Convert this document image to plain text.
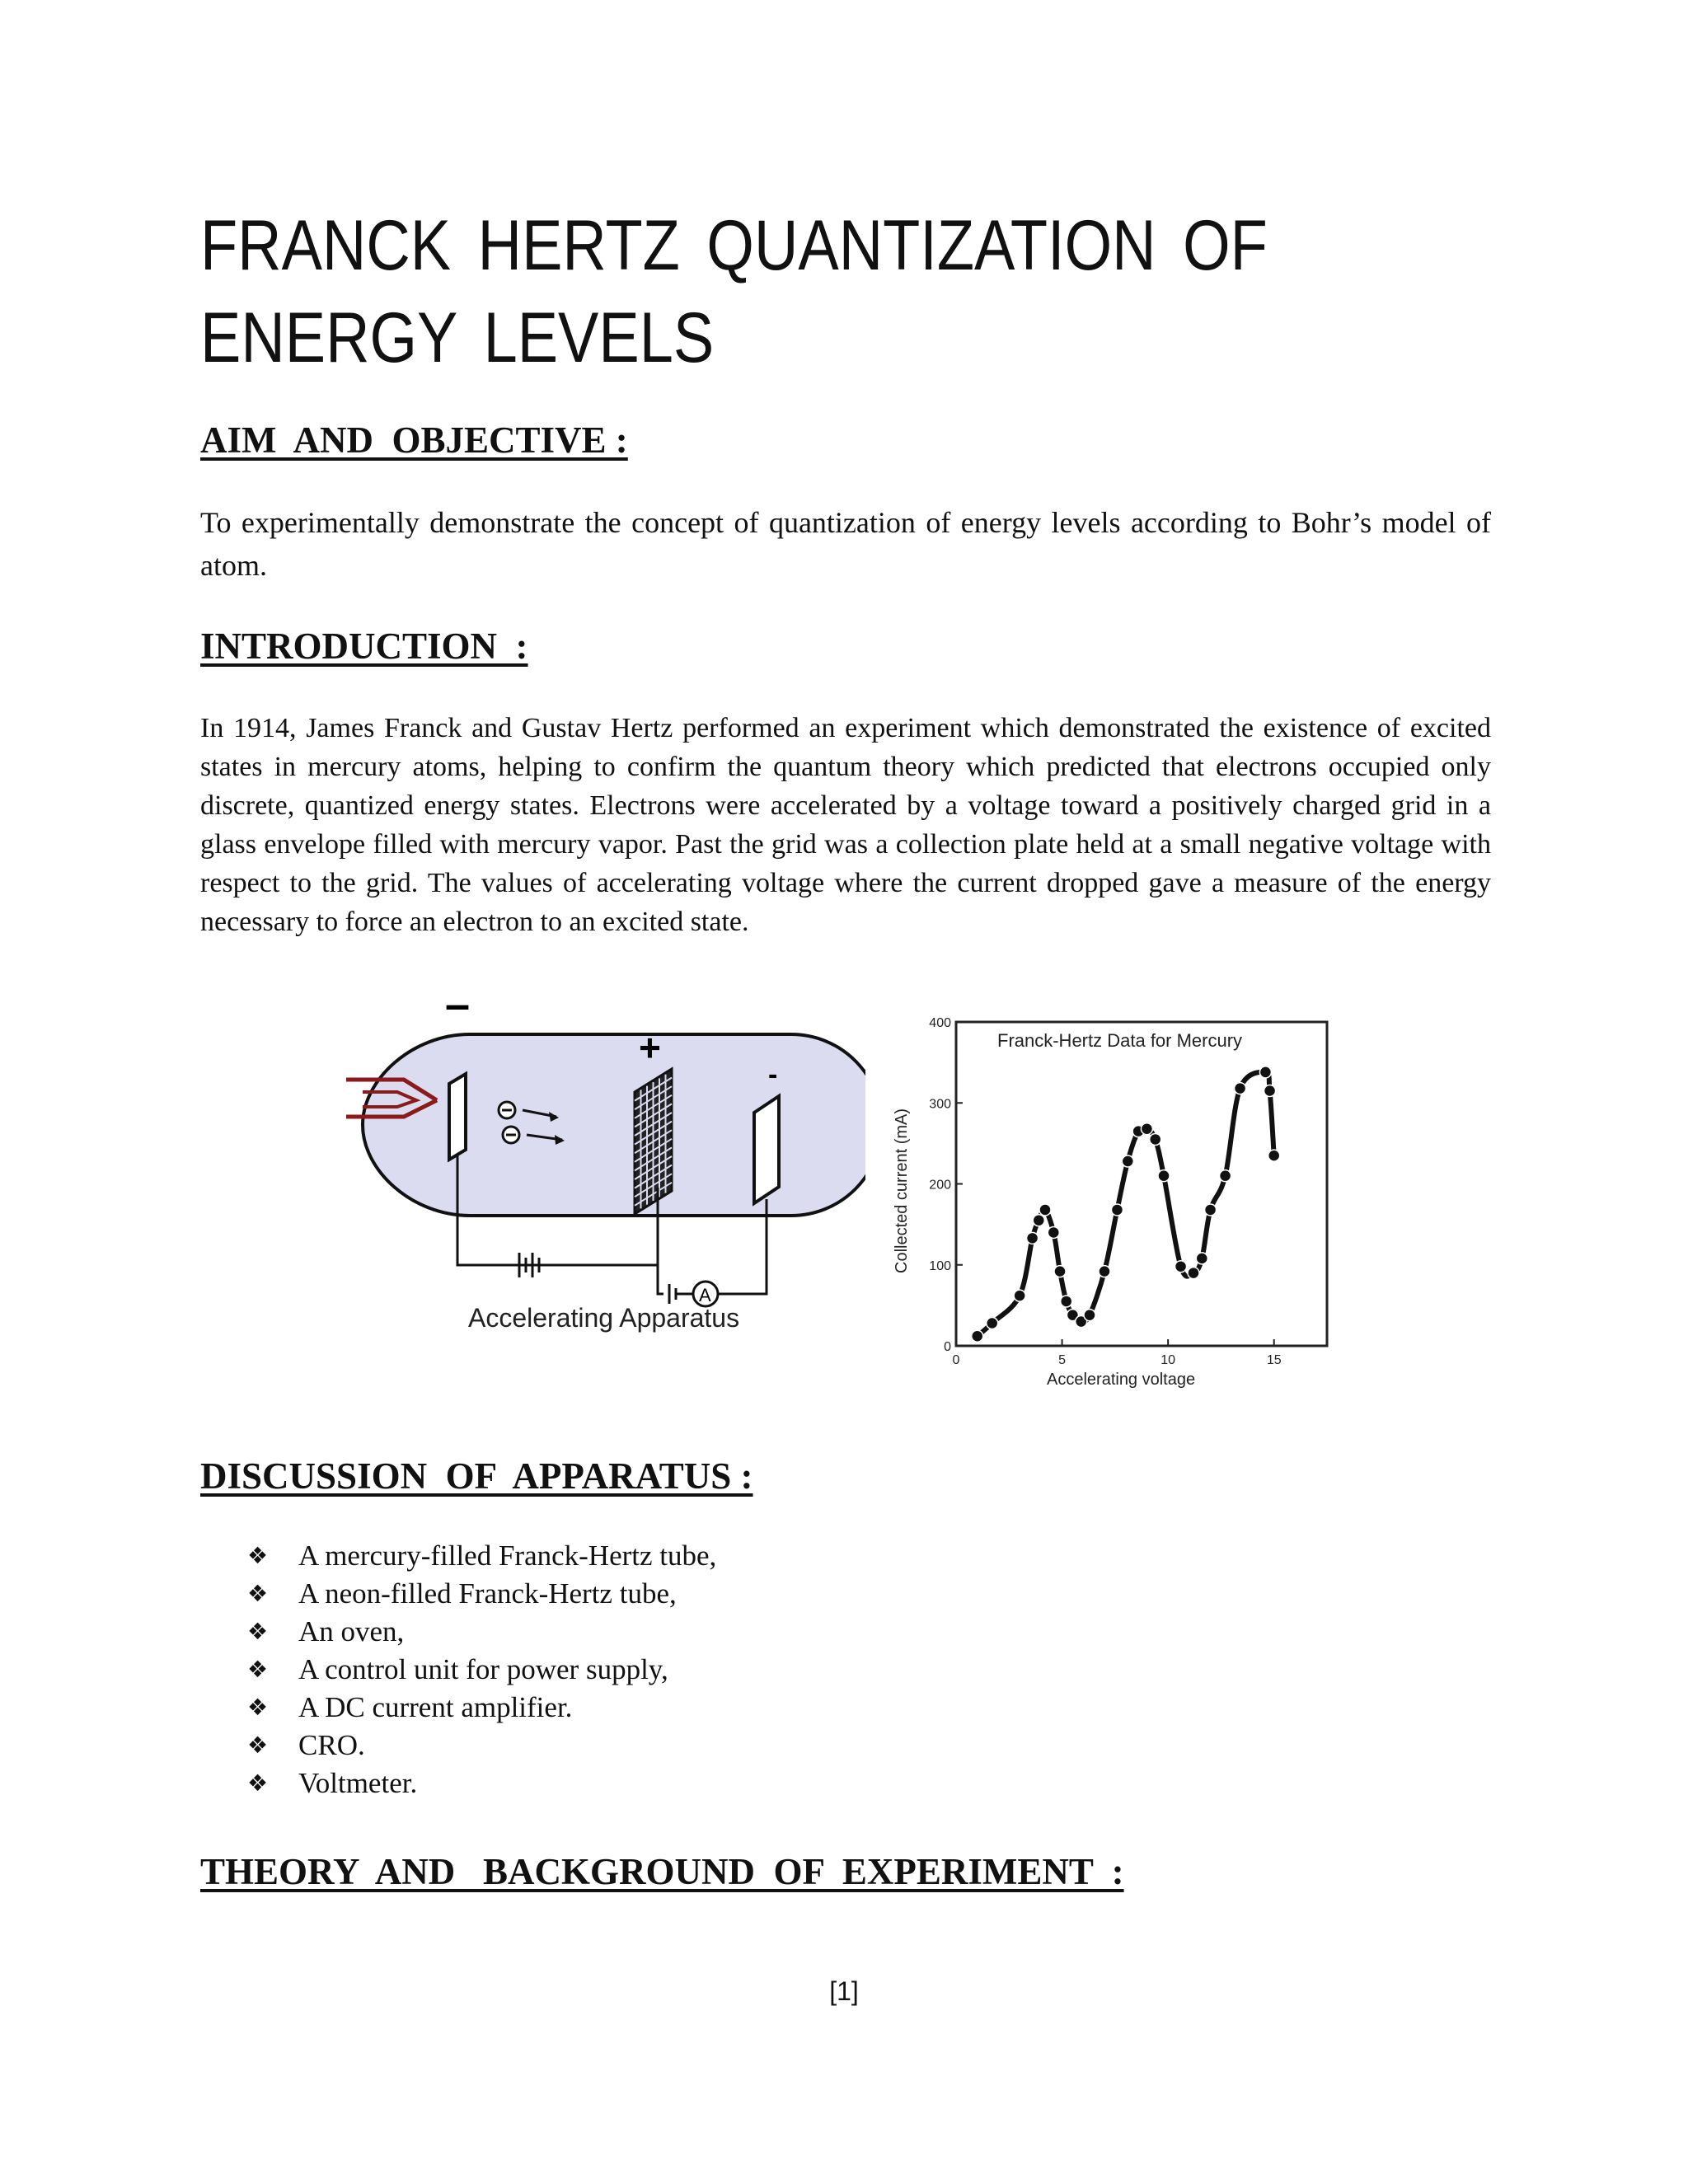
FRANCK HERTZ QUANTIZATION OF ENERGY LEVELS
AIM  AND  OBJECTIVE :

To experimentally demonstrate the concept of quantization of energy levels according to Bohr’s model of atom.

INTRODUCTION  :

In 1914, James Franck and Gustav Hertz performed an experiment which demonstrated the existence of excited states in mercury atoms, helping to confirm the quantum theory which predicted that electrons occupied only discrete, quantized energy states. Electrons were accelerated by a voltage toward a positively charged grid in a glass envelope filled with mercury vapor. Past the grid was a collection plate held at a small negative voltage with respect to the grid. The values of accelerating voltage where the current dropped gave a measure of the energy necessary to force an electron to an excited state.

–
+
-
A
Accelerating Apparatus
Franck-Hertz Data for Mercury
Accelerating voltage
Collected current (mA)
0
100
200
300
400
0	5	10	15
DISCUSSION  OF  APPARATUS :
❖	A mercury-filled Franck-Hertz tube,
❖	A neon-filled Franck-Hertz tube,
❖	An oven,
❖	A control unit for power supply,
❖	A DC current amplifier.
❖	CRO.
❖	Voltmeter.
THEORY  AND   BACKGROUND  OF  EXPERIMENT  :
[1]
